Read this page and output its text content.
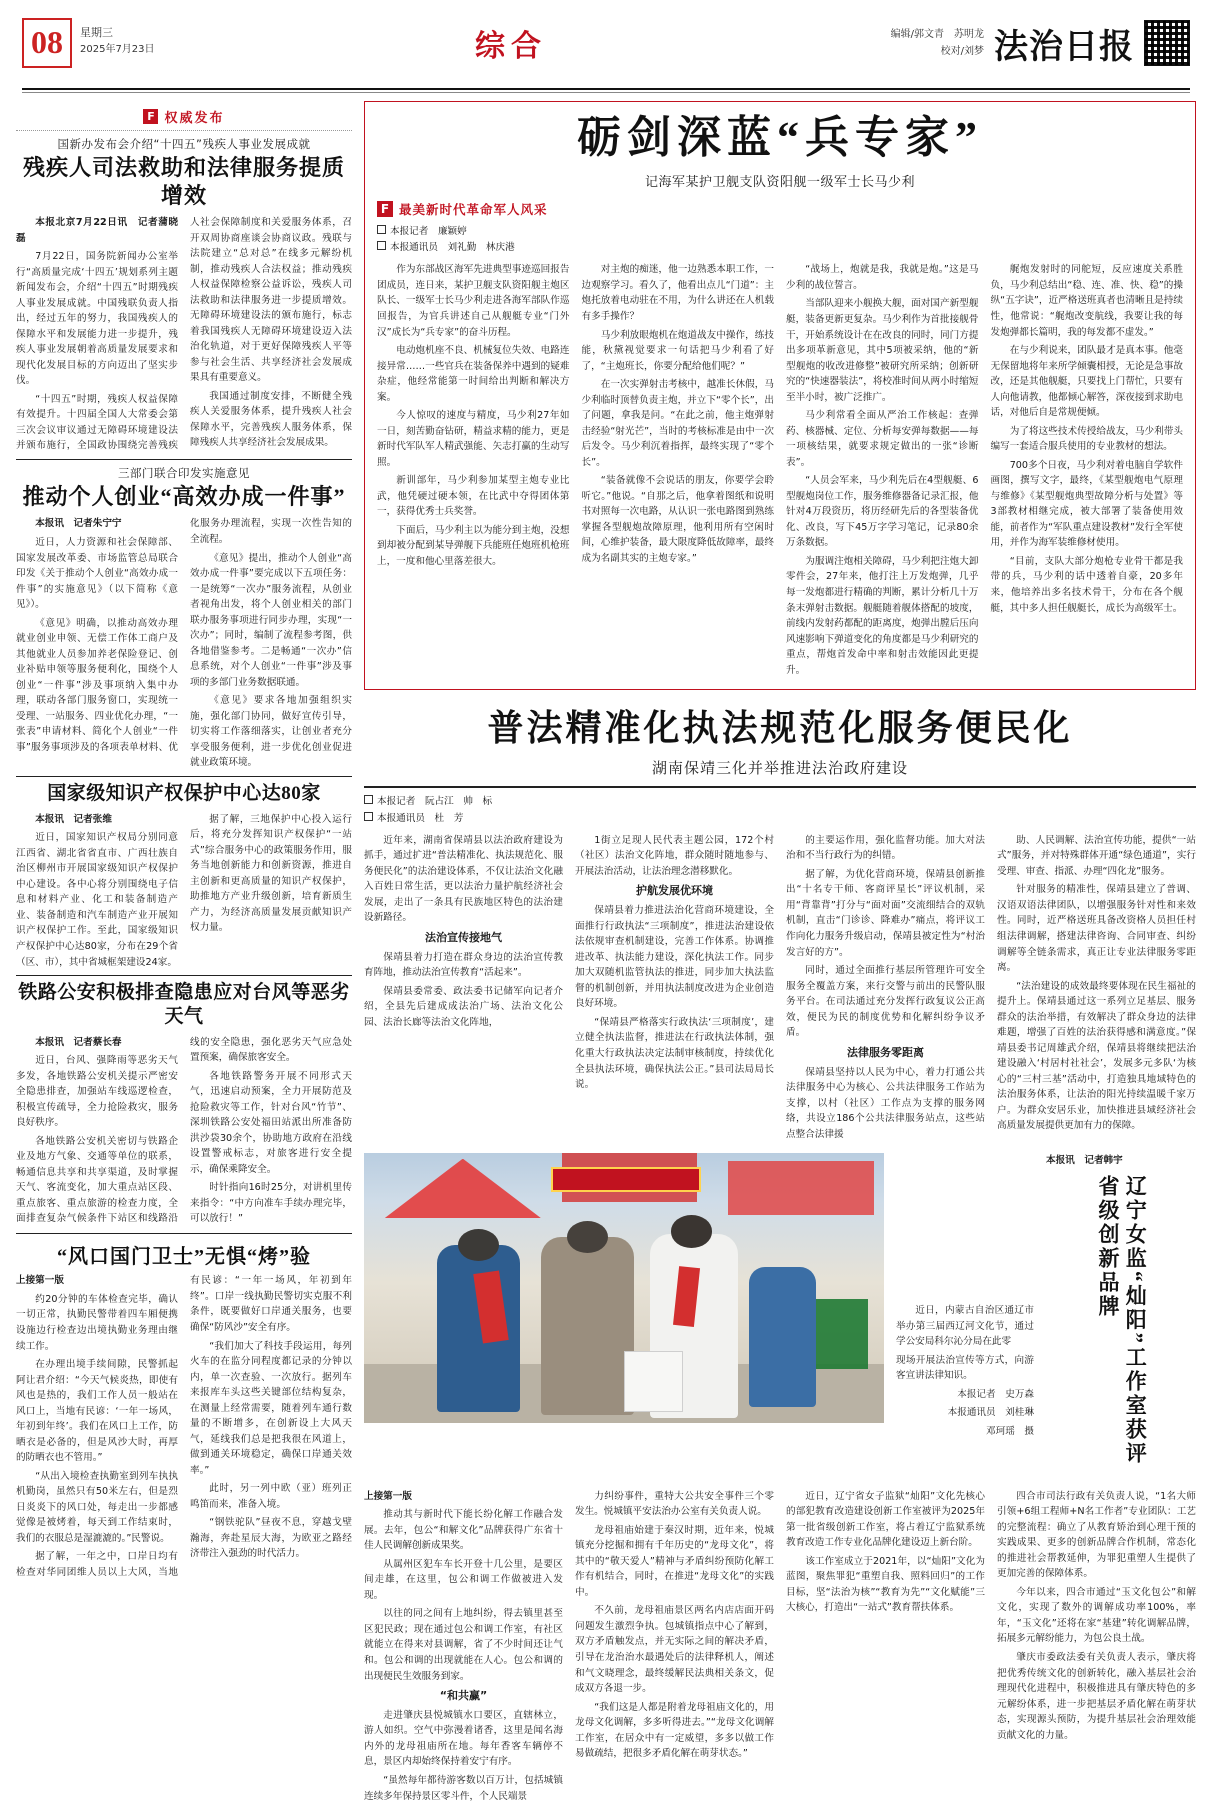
08	星期三
2025年7月23日	综合	编辑/郭文青　苏明龙
校对/刘梦 法治日报
F 权威发布
国新办发布会介绍“十四五”残疾人事业发展成就
残疾人司法救助和法律服务提质增效

本报北京7月22日讯　记者蒲晓磊

7月22日，国务院新闻办公室举行“高质量完成‘十四五’规划系列主题新闻发布会，介绍“十四五”时期残疾人事业发展成就。中国残联负责人指出，经过五年的努力，我国残疾人的保障水平和发展能力进一步提升，残疾人事业发展朝着高质量发展要求和现代化发展目标的方向迈出了坚实步伐。

“十四五”时期，残疾人权益保障有效提升。十四届全国人大常委会第三次会议审议通过无障碍环境建设法并颁布施行，全国政协围绕完善残疾人社会保障制度和关爱服务体系，召开双周协商座谈会协商议政。残联与法院建立“总对总”在线多元解纷机制，推动残疾人合法权益；推动残疾人权益保障检察公益诉讼，残疾人司法救助和法律服务进一步提质增效。无障碍环境建设法的颁布施行，标志着我国残疾人无障碍环境建设迈入法治化轨道，对于更好保障残疾人平等参与社会生活、共享经济社会发展成果具有重要意义。

我国通过制度安排，不断健全残疾人关爱服务体系，提升残疾人社会保障水平，完善残疾人服务体系，保障残疾人共享经济社会发展成果。

三部门联合印发实施意见
推动个人创业“高效办成一件事”

本报讯　记者朱宁宁

近日，人力资源和社会保障部、国家发展改革委、市场监管总局联合印发《关于推动个人创业“高效办成一件事”的实施意见》（以下简称《意见》）。

《意见》明确，以推动高效办理就业创业申领、无偿工作体工商户及其他就业人员参加养老保险登记、创业补贴申领等服务便利化，围绕个人创业“一件事”涉及事项纳入集中办理，联动各部门服务窗口，实现统一受理、一站服务、四业优化办理，“一张表”申请材料、简化个人创业“一件事”服务事项涉及的各项表单材料、优化服务办理流程，实现一次性告知的全流程。

《意见》提出，推动个人创业“高效办成一件事”要完成以下五项任务：一是统筹“一次办”服务流程，从创业者视角出发，将个人创业相关的部门联办服务事项进行同步办理，实现“一次办”；同时，编制了流程参考图，供各地借鉴参考。二是畅通“一次办”信息系统，对个人创业“一件事”涉及事项的多部门业务数据联通。

《意见》要求各地加强组织实施，强化部门协同，做好宣传引导，切实将工作落细落实，让创业者充分享受服务便利，进一步优化创业促进就业政策环境。

国家级知识产权保护中心达80家

本报讯　记者张维

近日，国家知识产权局分别同意江西省、湖北省省直市、广西壮族自治区柳州市开展国家级知识产权保护中心建设。各中心将分别围绕电子信息和材料产业、化工和装备制造产业、装备制造和汽车制造产业开展知识产权保护工作。至此，国家级知识产权保护中心达80家，分布在29个省（区、市），其中省城框架建设24家。

据了解，三地保护中心投入运行后，将充分发挥知识产权保护“一站式”综合服务中心的政策服务作用，服务当地创新能力和创新资源，推进自主创新和更高质量的知识产权保护，助推地方产业升级创新，培育新质生产力，为经济高质量发展贡献知识产权力量。

铁路公安积极排查隐患应对台风等恶劣天气

本报讯　记者蔡长春

近日，台风、强降雨等恶劣天气多发，各地铁路公安机关提示严密安全隐患排查，加强站车线巡逻检查，积极宣传疏导，全力抢险救灾，服务良好秩序。

各地铁路公安机关密切与铁路企业及地方气象、交通等单位的联系，畅通信息共享和共享渠道，及时掌握天气、客流变化，加大重点站区段、重点旅客、重点旅游的检查力度，全面排查复杂气候条件下站区和线路沿线的安全隐患，强化恶劣天气应急处置预案，确保旅客安全。

各地铁路警务开展不同形式天气，迅速启动预案，全力开展防范及抢险救灾等工作，针对台风“竹节”、深圳铁路公安处福田站派出所准备防洪沙袋30余个，协助地方政府在沿线设置警戒标志，对旅客进行安全提示，确保乘降安全。

时针指向16时25分，对讲机里传来指令：“中方向准车手续办理完毕，可以放行！”

“风口国门卫士”无惧“烤”验

上接第一版

约20分钟的车体检查完毕，确认一切正常，执勤民警带着四车厢便携设施边行检查边出境执勤业务理由继续工作。

在办理出境手续间隙，民警抓起阿让君介绍：“今天气候炎热，即使有风也是热的，我们工作人员一般站在风口上，当地有民谚：‘一年一场风，年初到年终’。我们在风口上工作，防晒衣是必备的，但是风沙大时，再厚的防晒衣也不管用。”

“从出入境检查执勤室到列车执执机勤岗，虽然只有50米左右，但是烈日炎炎下的风口处，每走出一步都感觉像是被烤着，每天到工作结束时，我们的衣服总是湿漉漉的。”民警说。

据了解，一年之中，口岸日均有检查对华同团维人员以上大风，当地有民谚：“一年一场风，年初到年终”。口岸一线执勤民警切实克服不利条件，既要做好口岸通关服务，也要确保“防风沙”安全有序。

“我们加大了科技手段运用，每列火车的在监分同程度都记录的分钟以内，单一次查验、一次放行。据列车来报库车头这些关键部位结构复杂，在测量上经常需要，随着列车通行数量的不断增多，在创新设上大风天气，延线我们总是把我很在风道上，做到通关环境稳定，确保口岸通关效率。”

此时，另一列中欧（亚）班列正鸣笛而来，准备入境。

“钢铁驼队”昼夜不息，穿越戈壁瀚海，奔赴星辰大海，为欧亚之路经济带注入强劲的时代活力。

砺剑深蓝“兵专家”
记海军某护卫舰支队资阳舰一级军士长马少利
F 最美新时代革命军人风采
本报记者　廉颖婷
本报通讯员　刘礼勤　林庆港

作为东部战区海军先进典型事迹巡回报告团成员，连日来，某护卫舰支队资阳舰主炮区队长、一级军士长马少利走进各海军部队作巡回报告，为官兵讲述自己从舰艇专业“门外汉”成长为“兵专家”的奋斗历程。

电动炮机座不良、机械复位失效、电路连接异常……一些官兵在装备保养中遇到的疑难杂症，他经常能第一时间给出判断和解决方案。

今人惊叹的速度与精度，马少利27年如一日，刻苦勤奋钻研，精益求精的能力，更是新时代军队军人精武强能、矢志打赢的生动写照。

新训部年，马少利参加某型主炮专业比武，他凭硬过硬本领，在比武中夺得团体第一，获得优秀士兵奖誉。

下面后，马少利主以为能分到主炮，没想到却被分配到某导弹舰下兵能班任炮班机枪班上，一度和他心里落差很大。

对主炮的痴迷，他一边熟悉本职工作，一边观察学习。看久了，他看出点儿“门道”：主炮托放着电动驻在不用，为什么讲还在人机载有多手操作？

马少利放眼炮机在炮道战友中操作，练技能，秋黛视觉要求一句话把马少利看了好了，“主炮班长，你要分配给他们呢？”

在一次实弹射击考核中，越准长休假，马少利临时顶替负责主炮，并立下“零个长”，出了问题，拿我是问。“在此之前，他主炮弹射击经验“射光芒”，当时的考核标准是由中一次后发令。马少利沉着指挥，最终实现了“零个长”。

“装备就像不会说话的朋友，你要学会聆听它。”他说。“自那之后，他拿着图纸和说明书对照每一次电路，从认识一张电路图到熟练掌握各型舰炮故障原理，他利用所有空闲时间，心维护装备，最大限度降低故障率，最终成为名副其实的主炮专家。”

“战场上，炮就是我，我就是炮。”这是马少利的战位誓言。

当部队迎来小舰换大舰，面对国产新型舰艇，装备更新更复杂。马少利作为首批接舰骨干，开始系统设计在在改良的同时，同门方提出多项革新意见，其中5项被采纳，他的“新型舰炮的收改进修整”被研究所采纳；创新研究的“快速器装法”，将校准时间从两小时缩短至半小时，被广泛推广。

马少利常看全面从严治工作核起：查弹药、核器械、定位、分析每安弹每数据——每一项核结果，就要求规定做出的一张“诊断表”。

“人员会军来，马少利先后在4型舰艇、6型舰炮岗位工作，服务维修器备记录汇报，他针对4万段资历，将历经研先后的各型装备优化、改良，写下45万字学习笔记，记录80余万条数据。

为服调注炮相关障碍，马少利把注炮大卸零件会，27年来，他打注上万发炮弹，几乎每一发炮都进行精确的判断，累计分析几十万条末弹射击数据。舰艇随着舰体搭配的坡度，前线内发射药都配的距离度，炮弹出膛后压向风速影响下弹道变化的角度都是马少利研究的重点，帮炮首发命中率和射击效能因此更提升。

艉炮发射时的同舵短，反应速度关系胜负，马少利总结出“稳、连、准、快、稳”的操纵“五字诀”，近严格送班真者也清晰且是持续性，他常说：“艉炮改变航线，我要让我的每发炮弹都长篇明，我的每发都不虚发。”

在与少利说来，团队最才是真本事。他毫无保留地将年来所学倾囊相授，无论是急事故改，还是其他舰艇，只要找上门帮忙，只要有人向他请教，他都倾心解答，深夜接到求助电话，对他后自是常规便倾。

为了将这些技术传授给战友，马少利带头编写一套适合服兵使用的专业教材的想法。

700多个日夜，马少利对着电脑自学软件画图，撰写文字，最终，《某型舰炮电气原理与维修》《某型舰炮典型故障分析与处置》等3部教材相继完成，被大部署了装备使用效能，前者作为“军队重点建设教材”发行全军使用，并作为海军装维修材使用。

“目前，支队大部分炮枪专业骨干都是我带的兵，马少利的话中透着自豪，20多年来，他培养出多名技术骨干，分布在各个舰艇，其中多人担任舰艇长，成长为高级军士。

普法精准化执法规范化服务便民化
湖南保靖三化并举推进法治政府建设
本报记者　阮占江　帅　标
本报通讯员　杜　芳

近年来，湖南省保靖县以法治政府建设为抓手，通过扩进“普法精准化、执法规范化、服务便民化”的法治建设体系，不仅让法治文化融入百姓日常生活，更以法治力量护航经济社会发展，走出了一条具有民族地区特色的法治建设新路径。

法治宣传接地气

保靖县着力打造在群众身边的法治宣传教育阵地，推动法治宣传教育“活起来”。

保靖县委常委、政法委书记储军向记者介绍，全县先后建成成法治广场、法治文化公园、法治长廊等法治文化阵地，

1街立足现人民代表主题公园，172个村（社区）法治文化阵地，群众随时随地参与、开展法治活动，让法治理念潜移默化。

护航发展优环境

保靖县着力推进法治化营商环境建设，全面推行行政执法“三项制度”，推进法治建设依法依规审查机制建设，完善工作体系。协调推进改革、执法能力建设，深化执法工作。同步加大双随机监管执法的推进，同步加大执法监督的机制创新，并用执法制度改进为企业创造良好环境。

“保靖县严格落实行政执法‘三项制度’，建立健全执法监督，推进法在行政执法体制，强化重大行政执法决定法制审核制度，持续优化全县执法环境，确保执法公正。”县司法局局长说。

的主要运作用，强化监督功能。加大对法治和不当行政行为的纠错。

据了解，为优化营商环境，保靖县创新推出“十名专干师、客商评星长”评议机制，采用“背靠背”打分与“面对面”交流细结合的双轨机制，直击“门诊诊、降难办”痛点，将评议工作向化力服务升级启动，保靖县被定性为“村治发言好的方”。

同时，通过全面推行基层所管理许可安全服务全覆盖方案，来行交警与前出的民警队服务平台。在司法通过充分发挥行政复议公正高效，便民为民的制度优势和化解纠纷争议矛盾。

法律服务零距离

保靖县坚持以人民为中心，着力打通公共法律服务中心为核心、公共法律服务工作站为支撑，以村（社区）工作点为支撑的服务网络，共设立186个公共法律服务站点，这些站点整合法律援

助、人民调解、法治宣传功能，提供“一站式”服务，并对特殊群体开通“绿色通道”，实行受理、审查、指派、办理“四化龙”服务。

针对服务的精准性，保靖县建立了普调、汉语双语法律团队，以增强服务针对性和来效性。同时，近严格送班具备改资格人员担任村组法律调解，搭建法律咨询、合同审查、纠纷调解等全链条需求，真正让专业法律服务零距离。

“法治建设的成效最终要体现在民生福祉的提升上。保靖县通过这一系列立足基层、服务群众的法治举措，有效解决了群众身边的法律难题，增强了百姓的法治获得感和满意度。”保靖县委书记周雄武介绍，保靖县将继续把法治建设融入‘村居村社社会’，发展多元多队‘为核心的“三村三基”活动中，打造独具地域特色的法治服务体系，让法治的阳光持续温暖千家万户。为群众安居乐业，加快推进县域经济社会高质量发展提供更加有力的保障。

近日，内蒙古自治区通辽市举办第三届西辽河文化节，通过学公安局科尔沁分局在此零

现场开展法治宣传等方式，向游客宣讲法律知识。

本报记者　史万森

本报通讯员　刘桂琳

邓珂瑶　摄

本报讯　记者韩宇

辽宁女监“灿阳”工作室获评省级创新品牌

上接第一版

推动其与新时代下能长纷化解工作融合发展。去年，包公“和解文化”品牌获得广东省十佳人民调解创新成果奖。

从属州区犯车车长开登十几公里，是要区间走雄，在这里，包公和调工作做被进入发现。

以往的同之间有上地纠纷，得去镇里甚至区犯民政；现在通过包公和调工作室，有社区就能立在得来对县调解，省了不少时间还让气和。包公和调的出现就能在人心。包公和调的出现便民生效服务到家。

“和共赢”

走进肇庆县悦城镇水口要区，直辖林立，游人如织。空气中弥漫着诸香，这里是闻名海内外的龙母祖庙所在地。每年香客车辆停不息，景区内却始终保持着安宁有序。

“虽然每年都待游客数以百万计，包括城镇连续多年保持景区零斗件，个人民端景

力纠纷事件，重特大公共安全事件三个零发生。悦城镇平安法治办公室有关负责人说。

龙母祖庙始建于秦汉时期，近年来，悦城镇充分挖掘和拥有千年历史的“龙母文化”，将其中的“敬天爱人”精神与矛盾纠纷预防化解工作有机结合，同时，在推进“龙母文化”的实践中。

不久前，龙母祖庙景区两名内店店面开码问题发生激烈争执。包城镇指点中心了解到，双方矛盾触发点，并无实际之间的解决矛盾，引导在龙治治水最遇处后的法律释机人，阐述和气文晓理念，最终缓解民法典相关条文，促成双方各退一步。

“我们这是人都是附着龙母祖庙文化的，用龙母文化调解，多多听得进去。”“龙母文化调解工作室，在居众中有一定威望，多多以做工作易做疏结，把很多矛盾化解在萌芽状态。”

近日，辽宁省女子监狱“灿阳”文化先核心的部犯教育改造建设创新工作室被评为2025年第一批省级创新工作室，将占着辽宁监狱系统教育改造工作专业化品牌化建设迈上新台阶。

该工作室成立于2021年，以“灿阳”文化为蓝图，聚焦罪犯“重塑自我、照料回归”的工作目标，坚“法治为核”“教育为先”“文化赋能”三大核心，打造出“一站式”教育帮扶体系。

四合市司法行政有关负责人说，“1名大师引领+6组工程师+N名工作者”专业团队：工艺的完整流程：确立了从教育矫治到心理干预的实践成果、更多的创新品牌合作机制，常态化的推进社会帮教延伸，为罪犯重塑人生提供了更加完善的保障体系。

今年以来，四合市通过“玉文化包公”和解文化，实现了数外的调解成功率100%，率年，“玉文化”还将在家“基建”转化调解品牌，拓展多元解纷能力，为包公良土战。

肇庆市委政法委有关负责人表示，肇庆将把优秀传统文化的创新转化，融入基层社会治理现代化进程中，积极推进具有肇庆特色的多元解纷体系，进一步把基层矛盾化解在萌芽状态，实现源头预防，为提升基层社会治理效能贡献文化的力量。
